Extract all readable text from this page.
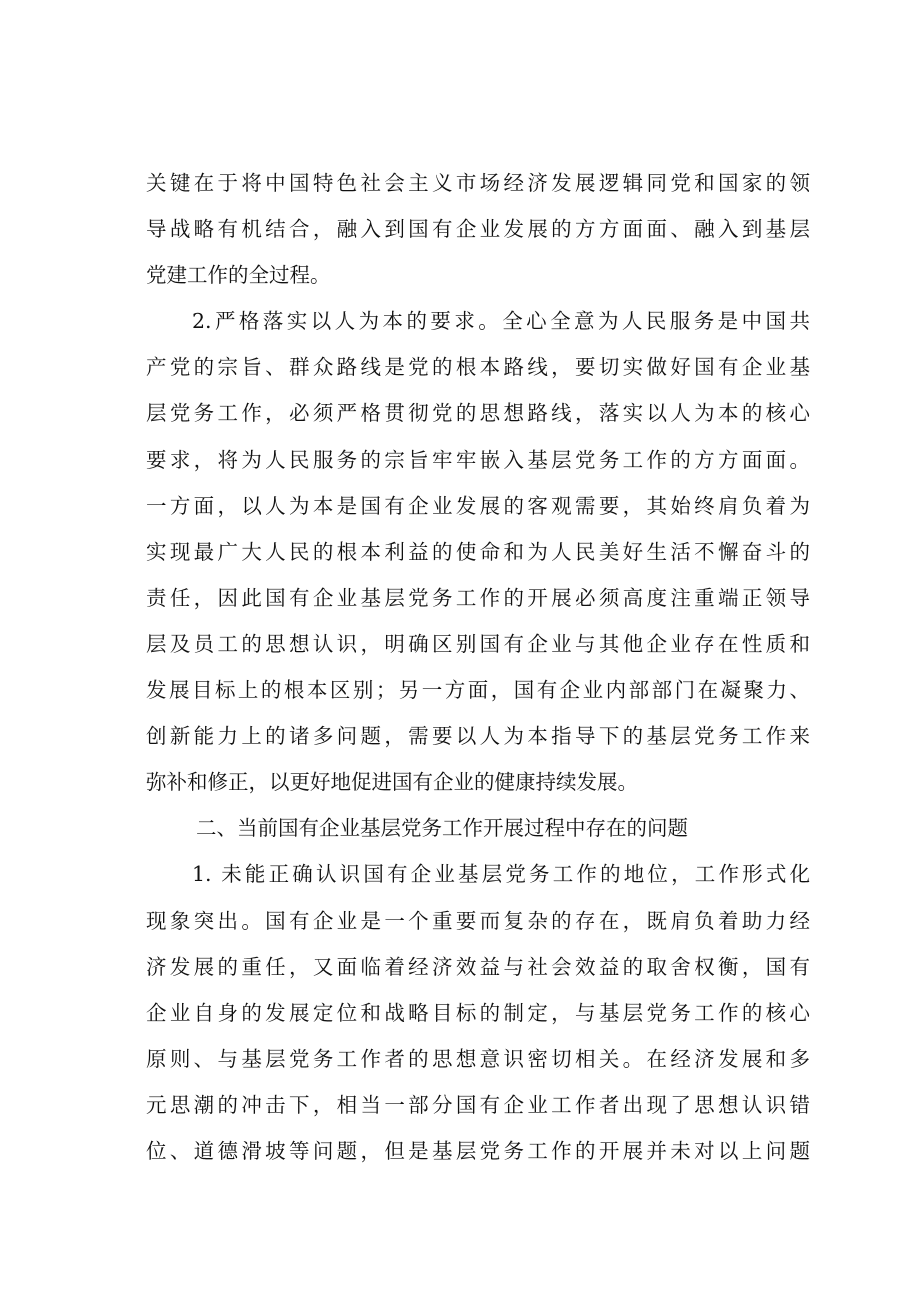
关键在于将中国特色社会主义市场经济发展逻辑同党和国家的领
导战略有机结合，融入到国有企业发展的方方面面、融入到基层
党建工作的全过程。
2.严格落实以人为本的要求。全心全意为人民服务是中国共
产党的宗旨、群众路线是党的根本路线，要切实做好国有企业基
层党务工作，必须严格贯彻党的思想路线，落实以人为本的核心
要求，将为人民服务的宗旨牢牢嵌入基层党务工作的方方面面。
一方面，以人为本是国有企业发展的客观需要，其始终肩负着为
实现最广大人民的根本利益的使命和为人民美好生活不懈奋斗的
责任，因此国有企业基层党务工作的开展必须高度注重端正领导
层及员工的思想认识，明确区别国有企业与其他企业存在性质和
发展目标上的根本区别；另一方面，国有企业内部部门在凝聚力、
创新能力上的诸多问题，需要以人为本指导下的基层党务工作来
弥补和修正，以更好地促进国有企业的健康持续发展。
二、当前国有企业基层党务工作开展过程中存在的问题
1. 未能正确认识国有企业基层党务工作的地位，工作形式化
现象突出。国有企业是一个重要而复杂的存在，既肩负着助力经
济发展的重任，又面临着经济效益与社会效益的取舍权衡，国有
企业自身的发展定位和战略目标的制定，与基层党务工作的核心
原则、与基层党务工作者的思想意识密切相关。在经济发展和多
元思潮的冲击下，相当一部分国有企业工作者出现了思想认识错
位、道德滑坡等问题，但是基层党务工作的开展并未对以上问题
